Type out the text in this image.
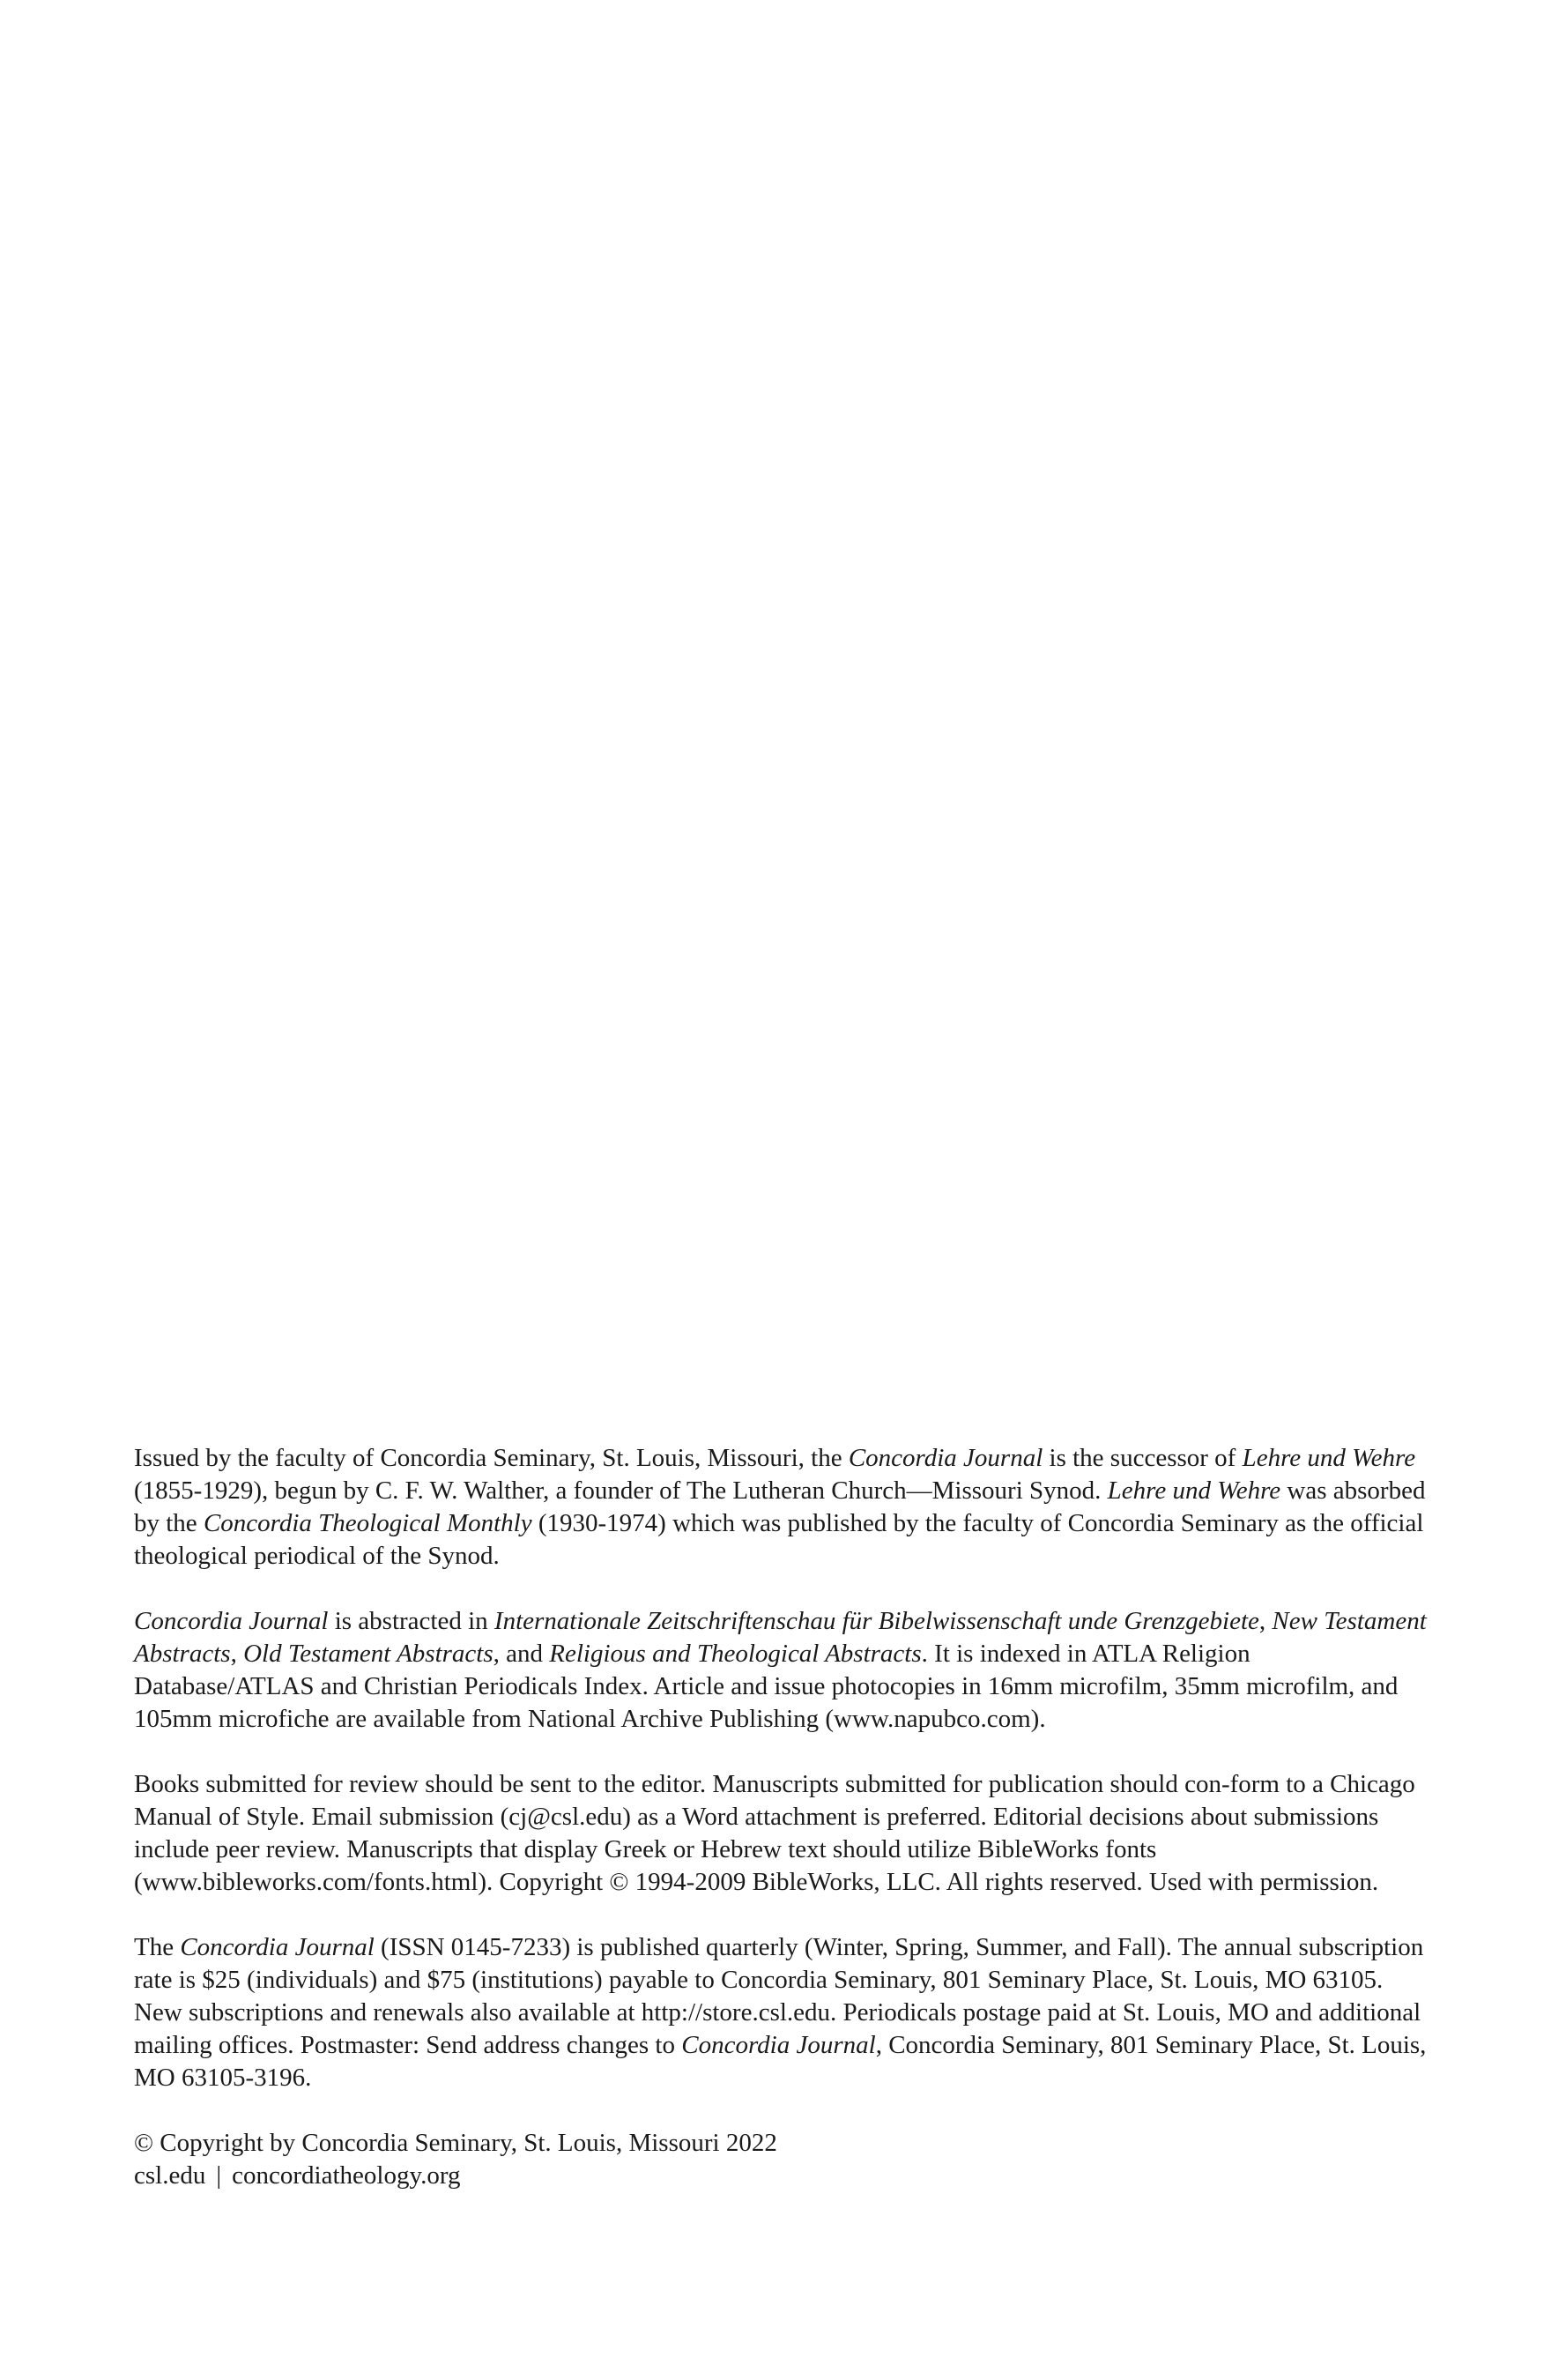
Issued by the faculty of Concordia Seminary, St. Louis, Missouri, the Concordia Journal is the successor of Lehre und Wehre (1855-1929), begun by C. F. W. Walther, a founder of The Lutheran Church—Missouri Synod. Lehre und Wehre was absorbed by the Concordia Theological Monthly (1930-1974) which was published by the faculty of Concordia Seminary as the official theological periodical of the Synod.

Concordia Journal is abstracted in Internationale Zeitschriftenschau für Bibelwissenschaft unde Grenzgebiete, New Testament Abstracts, Old Testament Abstracts, and Religious and Theological Abstracts. It is indexed in ATLA Religion Database/ATLAS and Christian Periodicals Index. Article and issue photocopies in 16mm microfilm, 35mm microfilm, and 105mm microfiche are available from National Archive Publishing (www.napubco.com).

Books submitted for review should be sent to the editor. Manuscripts submitted for publication should con-form to a Chicago Manual of Style. Email submission (cj@csl.edu) as a Word attachment is preferred. Editorial decisions about submissions include peer review. Manuscripts that display Greek or Hebrew text should utilize BibleWorks fonts (www.bibleworks.com/fonts.html). Copyright © 1994-2009 BibleWorks, LLC. All rights reserved. Used with permission.

The Concordia Journal (ISSN 0145-7233) is published quarterly (Winter, Spring, Summer, and Fall). The annual subscription rate is $25 (individuals) and $75 (institutions) payable to Concordia Seminary, 801 Seminary Place, St. Louis, MO 63105. New subscriptions and renewals also available at http://store.csl.edu. Periodicals postage paid at St. Louis, MO and additional mailing offices. Postmaster: Send address changes to Concordia Journal, Concordia Seminary, 801 Seminary Place, St. Louis, MO 63105-3196.

© Copyright by Concordia Seminary, St. Louis, Missouri 2022

csl.edu | concordiatheology.org
